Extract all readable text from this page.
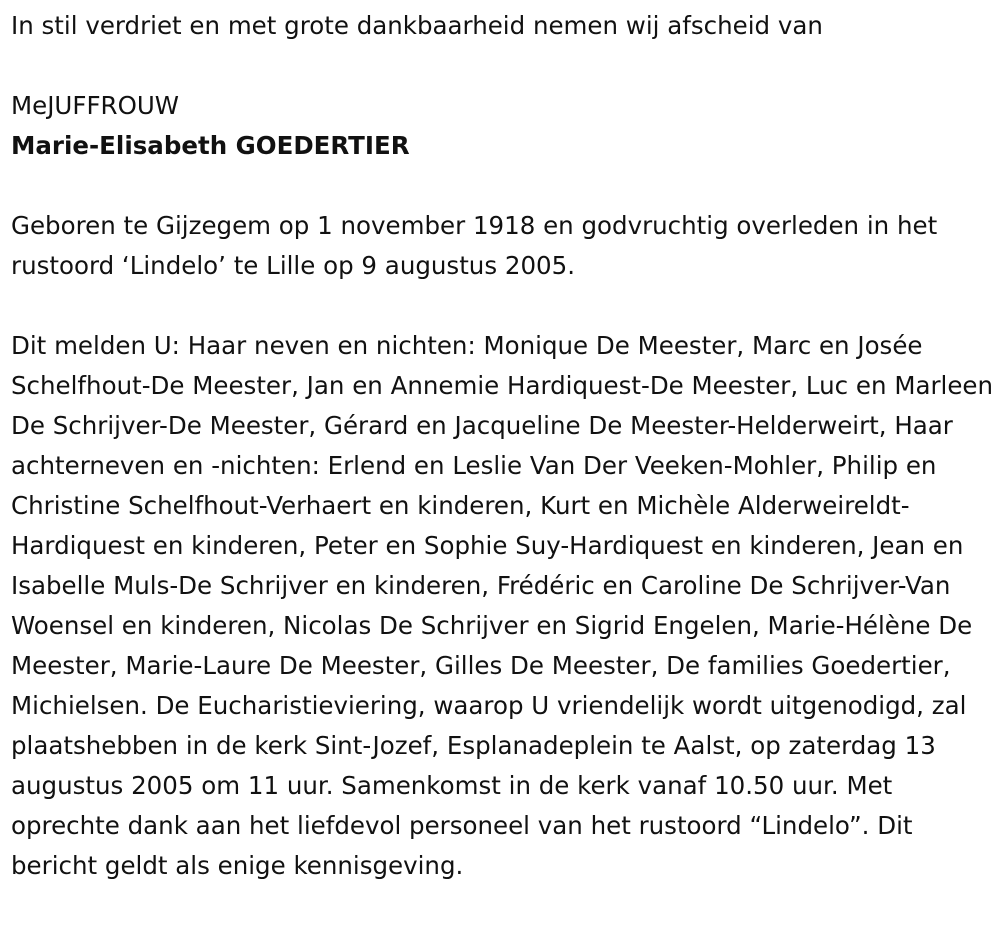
In stil verdriet en met grote dankbaarheid nemen wij afscheid van

MeJUFFROUW

Marie-Elisabeth GOEDERTIER

Geboren te Gijzegem op 1 november 1918 en godvruchtig overleden in het rustoord ‘Lindelo’ te Lille op 9 augustus 2005.

Dit melden U: Haar neven en nichten: Monique De Meester, Marc en Josée Schelfhout-De Meester, Jan en Annemie Hardiquest-De Meester, Luc en Marleen De Schrijver-De Meester, Gérard en Jacqueline De Meester-Helderweirt, Haar achterneven en -nichten: Erlend en Leslie Van Der Veeken-Mohler, Philip en Christine Schelfhout-Verhaert en kinderen, Kurt en Michèle Alderweireldt-Hardiquest en kinderen, Peter en Sophie Suy-Hardiquest en kinderen, Jean en Isabelle Muls-De Schrijver en kinderen, Frédéric en Caroline De Schrijver-Van Woensel en kinderen, Nicolas De Schrijver en Sigrid Engelen, Marie-Hélène De Meester, Marie-Laure De Meester, Gilles De Meester, De families Goedertier, Michielsen. De Eucharistieviering, waarop U vriendelijk wordt uitgenodigd, zal plaatshebben in de kerk Sint-Jozef, Esplanadeplein te Aalst, op zaterdag 13 augustus 2005 om 11 uur. Samenkomst in de kerk vanaf 10.50 uur. Met oprechte dank aan het liefdevol personeel van het rustoord “Lindelo”. Dit bericht geldt als enige kennisgeving.
